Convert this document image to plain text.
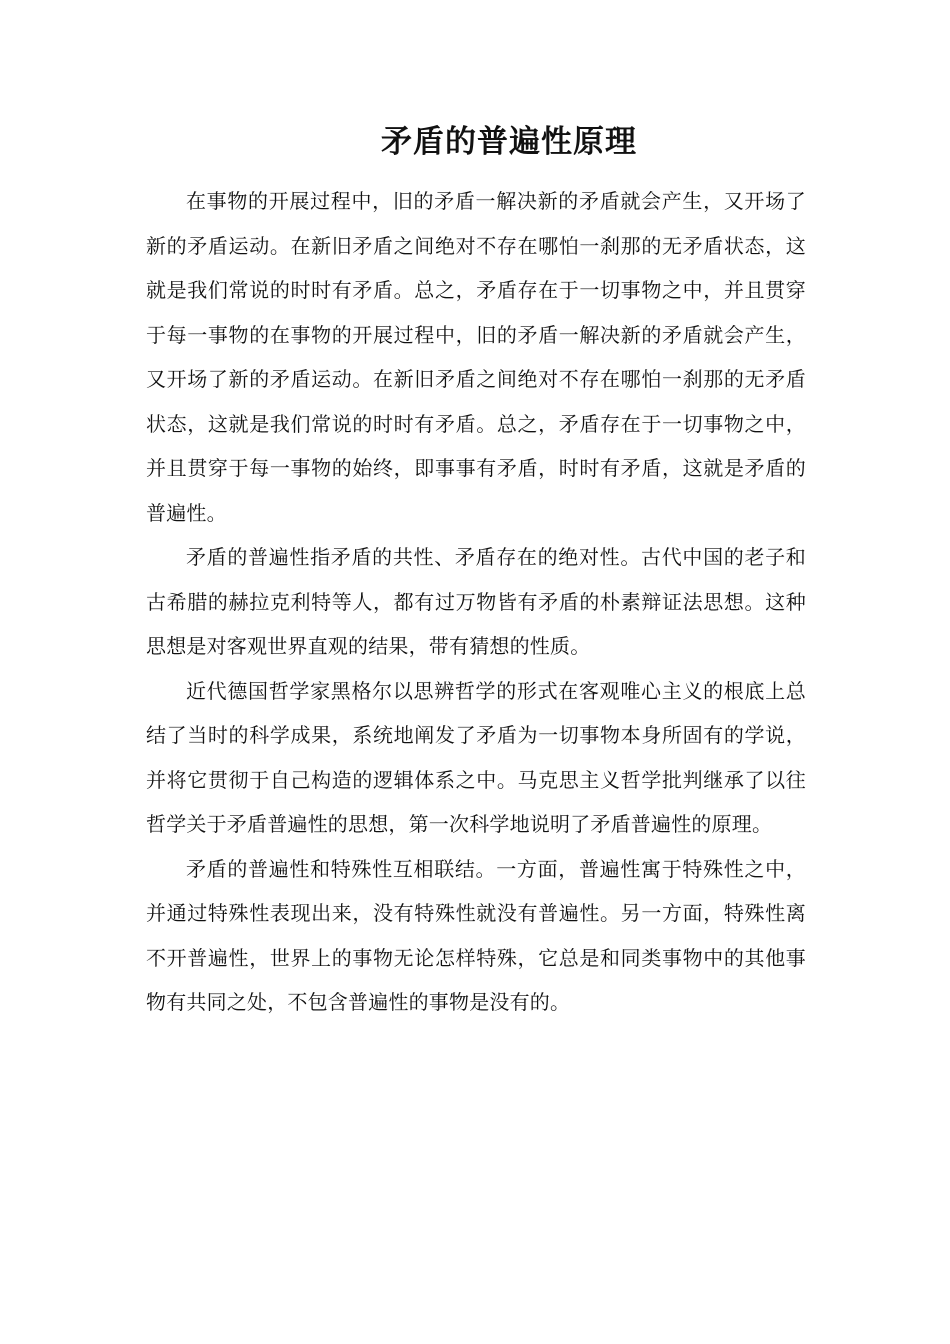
矛盾的普遍性原理

在事物的开展过程中，旧的矛盾一解决新的矛盾就会产生，又开场了新的矛盾运动。在新旧矛盾之间绝对不存在哪怕一刹那的无矛盾状态，这就是我们常说的时时有矛盾。总之，矛盾存在于一切事物之中，并且贯穿于每一事物的在事物的开展过程中，旧的矛盾一解决新的矛盾就会产生，又开场了新的矛盾运动。在新旧矛盾之间绝对不存在哪怕一刹那的无矛盾状态，这就是我们常说的时时有矛盾。总之，矛盾存在于一切事物之中，并且贯穿于每一事物的始终，即事事有矛盾，时时有矛盾，这就是矛盾的普遍性。

矛盾的普遍性指矛盾的共性、矛盾存在的绝对性。古代中国的老子和古希腊的赫拉克利特等人，都有过万物皆有矛盾的朴素辩证法思想。这种思想是对客观世界直观的结果，带有猜想的性质。

近代德国哲学家黑格尔以思辨哲学的形式在客观唯心主义的根底上总结了当时的科学成果，系统地阐发了矛盾为一切事物本身所固有的学说，并将它贯彻于自己构造的逻辑体系之中。马克思主义哲学批判继承了以往哲学关于矛盾普遍性的思想，第一次科学地说明了矛盾普遍性的原理。

矛盾的普遍性和特殊性互相联结。一方面，普遍性寓于特殊性之中，并通过特殊性表现出来，没有特殊性就没有普遍性。另一方面，特殊性离不开普遍性，世界上的事物无论怎样特殊，它总是和同类事物中的其他事物有共同之处，不包含普遍性的事物是没有的。
